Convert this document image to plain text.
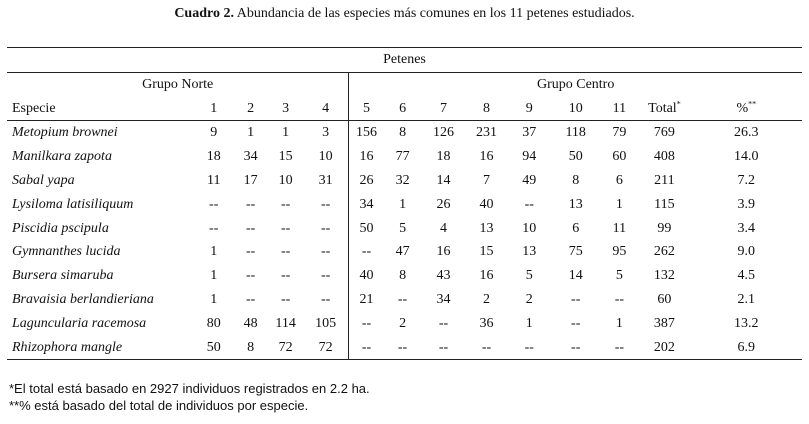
Cuadro 2. Abundancia de las especies más comunes en los 11 petenes estudiados.
Petenes													
Grupo Norte					Grupo Centro								
Especie	1	2	3	4	5	6	7	8	9	10	11	Total*	%**
Metopium brownei	9	1	1	3	156	8	126	231	37	118	79	769	26.3
Manilkara zapota	18	34	15	10	16	77	18	16	94	50	60	408	14.0
Sabal yapa	11	17	10	31	26	32	14	7	49	8	6	211	7.2
Lysiloma latisiliquum	--	--	--	--	34	1	26	40	--	13	1	115	3.9
Piscidia pscipula	--	--	--	--	50	5	4	13	10	6	11	99	3.4
Gymnanthes lucida	1	--	--	--	--	47	16	15	13	75	95	262	9.0
Bursera simaruba	1	--	--	--	40	8	43	16	5	14	5	132	4.5
Bravaisia berlandieriana	1	--	--	--	21	--	34	2	2	--	--	60	2.1
Laguncularia racemosa	80	48	114	105	--	2	--	36	1	--	1	387	13.2
Rhizophora mangle	50	8	72	72	--	--	--	--	--	--	--	202	6.9
*El total está basado en 2927 individuos registrados en 2.2 ha.
**% está basado del total de individuos por especie.
